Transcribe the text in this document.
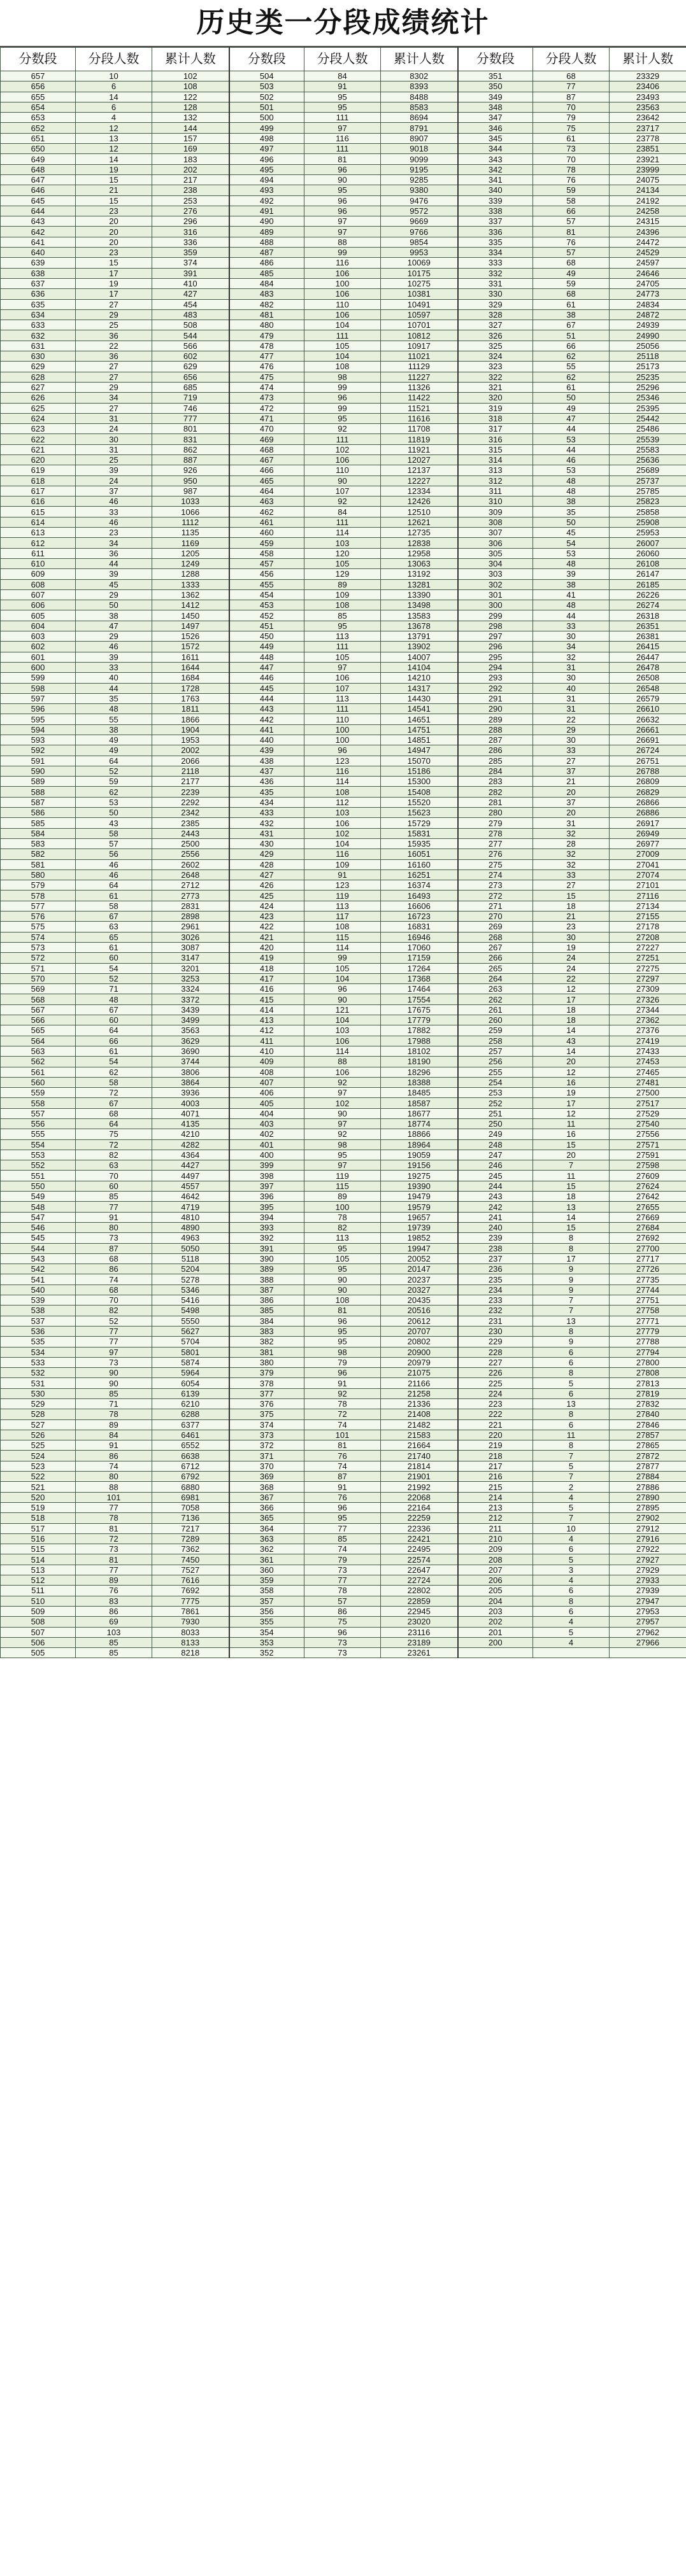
历史类一分段成绩统计
分数段	分段人数	累计人数	分数段	分段人数	累计人数	分数段	分段人数	累计人数
657	10	102	504	84	8302	351	68	23329
656	6	108	503	91	8393	350	77	23406
655	14	122	502	95	8488	349	87	23493
654	6	128	501	95	8583	348	70	23563
653	4	132	500	111	8694	347	79	23642
652	12	144	499	97	8791	346	75	23717
651	13	157	498	116	8907	345	61	23778
650	12	169	497	111	9018	344	73	23851
649	14	183	496	81	9099	343	70	23921
648	19	202	495	96	9195	342	78	23999
647	15	217	494	90	9285	341	76	24075
646	21	238	493	95	9380	340	59	24134
645	15	253	492	96	9476	339	58	24192
644	23	276	491	96	9572	338	66	24258
643	20	296	490	97	9669	337	57	24315
642	20	316	489	97	9766	336	81	24396
641	20	336	488	88	9854	335	76	24472
640	23	359	487	99	9953	334	57	24529
639	15	374	486	116	10069	333	68	24597
638	17	391	485	106	10175	332	49	24646
637	19	410	484	100	10275	331	59	24705
636	17	427	483	106	10381	330	68	24773
635	27	454	482	110	10491	329	61	24834
634	29	483	481	106	10597	328	38	24872
633	25	508	480	104	10701	327	67	24939
632	36	544	479	111	10812	326	51	24990
631	22	566	478	105	10917	325	66	25056
630	36	602	477	104	11021	324	62	25118
629	27	629	476	108	11129	323	55	25173
628	27	656	475	98	11227	322	62	25235
627	29	685	474	99	11326	321	61	25296
626	34	719	473	96	11422	320	50	25346
625	27	746	472	99	11521	319	49	25395
624	31	777	471	95	11616	318	47	25442
623	24	801	470	92	11708	317	44	25486
622	30	831	469	111	11819	316	53	25539
621	31	862	468	102	11921	315	44	25583
620	25	887	467	106	12027	314	46	25636
619	39	926	466	110	12137	313	53	25689
618	24	950	465	90	12227	312	48	25737
617	37	987	464	107	12334	311	48	25785
616	46	1033	463	92	12426	310	38	25823
615	33	1066	462	84	12510	309	35	25858
614	46	1112	461	111	12621	308	50	25908
613	23	1135	460	114	12735	307	45	25953
612	34	1169	459	103	12838	306	54	26007
611	36	1205	458	120	12958	305	53	26060
610	44	1249	457	105	13063	304	48	26108
609	39	1288	456	129	13192	303	39	26147
608	45	1333	455	89	13281	302	38	26185
607	29	1362	454	109	13390	301	41	26226
606	50	1412	453	108	13498	300	48	26274
605	38	1450	452	85	13583	299	44	26318
604	47	1497	451	95	13678	298	33	26351
603	29	1526	450	113	13791	297	30	26381
602	46	1572	449	111	13902	296	34	26415
601	39	1611	448	105	14007	295	32	26447
600	33	1644	447	97	14104	294	31	26478
599	40	1684	446	106	14210	293	30	26508
598	44	1728	445	107	14317	292	40	26548
597	35	1763	444	113	14430	291	31	26579
596	48	1811	443	111	14541	290	31	26610
595	55	1866	442	110	14651	289	22	26632
594	38	1904	441	100	14751	288	29	26661
593	49	1953	440	100	14851	287	30	26691
592	49	2002	439	96	14947	286	33	26724
591	64	2066	438	123	15070	285	27	26751
590	52	2118	437	116	15186	284	37	26788
589	59	2177	436	114	15300	283	21	26809
588	62	2239	435	108	15408	282	20	26829
587	53	2292	434	112	15520	281	37	26866
586	50	2342	433	103	15623	280	20	26886
585	43	2385	432	106	15729	279	31	26917
584	58	2443	431	102	15831	278	32	26949
583	57	2500	430	104	15935	277	28	26977
582	56	2556	429	116	16051	276	32	27009
581	46	2602	428	109	16160	275	32	27041
580	46	2648	427	91	16251	274	33	27074
579	64	2712	426	123	16374	273	27	27101
578	61	2773	425	119	16493	272	15	27116
577	58	2831	424	113	16606	271	18	27134
576	67	2898	423	117	16723	270	21	27155
575	63	2961	422	108	16831	269	23	27178
574	65	3026	421	115	16946	268	30	27208
573	61	3087	420	114	17060	267	19	27227
572	60	3147	419	99	17159	266	24	27251
571	54	3201	418	105	17264	265	24	27275
570	52	3253	417	104	17368	264	22	27297
569	71	3324	416	96	17464	263	12	27309
568	48	3372	415	90	17554	262	17	27326
567	67	3439	414	121	17675	261	18	27344
566	60	3499	413	104	17779	260	18	27362
565	64	3563	412	103	17882	259	14	27376
564	66	3629	411	106	17988	258	43	27419
563	61	3690	410	114	18102	257	14	27433
562	54	3744	409	88	18190	256	20	27453
561	62	3806	408	106	18296	255	12	27465
560	58	3864	407	92	18388	254	16	27481
559	72	3936	406	97	18485	253	19	27500
558	67	4003	405	102	18587	252	17	27517
557	68	4071	404	90	18677	251	12	27529
556	64	4135	403	97	18774	250	11	27540
555	75	4210	402	92	18866	249	16	27556
554	72	4282	401	98	18964	248	15	27571
553	82	4364	400	95	19059	247	20	27591
552	63	4427	399	97	19156	246	7	27598
551	70	4497	398	119	19275	245	11	27609
550	60	4557	397	115	19390	244	15	27624
549	85	4642	396	89	19479	243	18	27642
548	77	4719	395	100	19579	242	13	27655
547	91	4810	394	78	19657	241	14	27669
546	80	4890	393	82	19739	240	15	27684
545	73	4963	392	113	19852	239	8	27692
544	87	5050	391	95	19947	238	8	27700
543	68	5118	390	105	20052	237	17	27717
542	86	5204	389	95	20147	236	9	27726
541	74	5278	388	90	20237	235	9	27735
540	68	5346	387	90	20327	234	9	27744
539	70	5416	386	108	20435	233	7	27751
538	82	5498	385	81	20516	232	7	27758
537	52	5550	384	96	20612	231	13	27771
536	77	5627	383	95	20707	230	8	27779
535	77	5704	382	95	20802	229	9	27788
534	97	5801	381	98	20900	228	6	27794
533	73	5874	380	79	20979	227	6	27800
532	90	5964	379	96	21075	226	8	27808
531	90	6054	378	91	21166	225	5	27813
530	85	6139	377	92	21258	224	6	27819
529	71	6210	376	78	21336	223	13	27832
528	78	6288	375	72	21408	222	8	27840
527	89	6377	374	74	21482	221	6	27846
526	84	6461	373	101	21583	220	11	27857
525	91	6552	372	81	21664	219	8	27865
524	86	6638	371	76	21740	218	7	27872
523	74	6712	370	74	21814	217	5	27877
522	80	6792	369	87	21901	216	7	27884
521	88	6880	368	91	21992	215	2	27886
520	101	6981	367	76	22068	214	4	27890
519	77	7058	366	96	22164	213	5	27895
518	78	7136	365	95	22259	212	7	27902
517	81	7217	364	77	22336	211	10	27912
516	72	7289	363	85	22421	210	4	27916
515	73	7362	362	74	22495	209	6	27922
514	81	7450	361	79	22574	208	5	27927
513	77	7527	360	73	22647	207	3	27929
512	89	7616	359	77	22724	206	4	27933
511	76	7692	358	78	22802	205	6	27939
510	83	7775	357	57	22859	204	8	27947
509	86	7861	356	86	22945	203	6	27953
508	69	7930	355	75	23020	202	4	27957
507	103	8033	354	96	23116	201	5	27962
506	85	8133	353	73	23189	200	4	27966
505	85	8218	352	73	23261			
